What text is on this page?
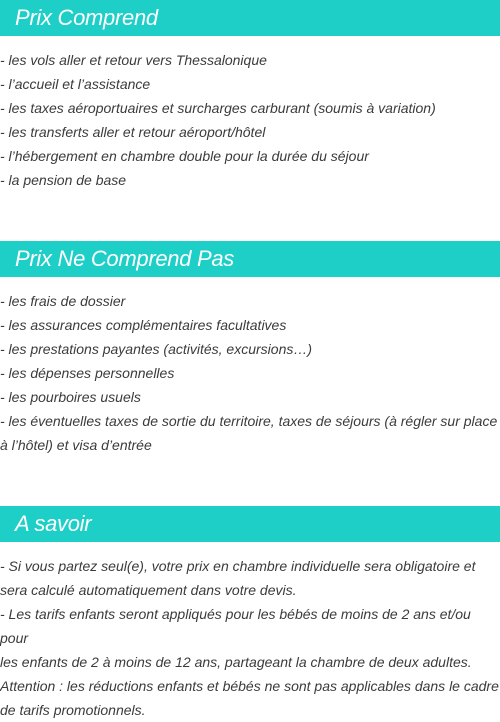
Prix Comprend

- les vols aller et retour vers Thessalonique

- l’accueil et l’assistance

- les taxes aéroportuaires et surcharges carburant (soumis à variation)

- les transferts aller et retour aéroport/hôtel

- l’hébergement en chambre double pour la durée du séjour

- la pension de base

Prix Ne Comprend Pas

- les frais de dossier

- les assurances complémentaires facultatives

- les prestations payantes (activités, excursions…)

- les dépenses personnelles

- les pourboires usuels

- les éventuelles taxes de sortie du territoire, taxes de séjours (à régler sur place

à l’hôtel) et visa d’entrée

A savoir

- Si vous partez seul(e), votre prix en chambre individuelle sera obligatoire et

sera calculé automatiquement dans votre devis.

- Les tarifs enfants seront appliqués pour les bébés de moins de 2 ans et/ou pour

les enfants de 2 à moins de 12 ans, partageant la chambre de deux adultes.

Attention : les réductions enfants et bébés ne sont pas applicables dans le cadre

de tarifs promotionnels.
